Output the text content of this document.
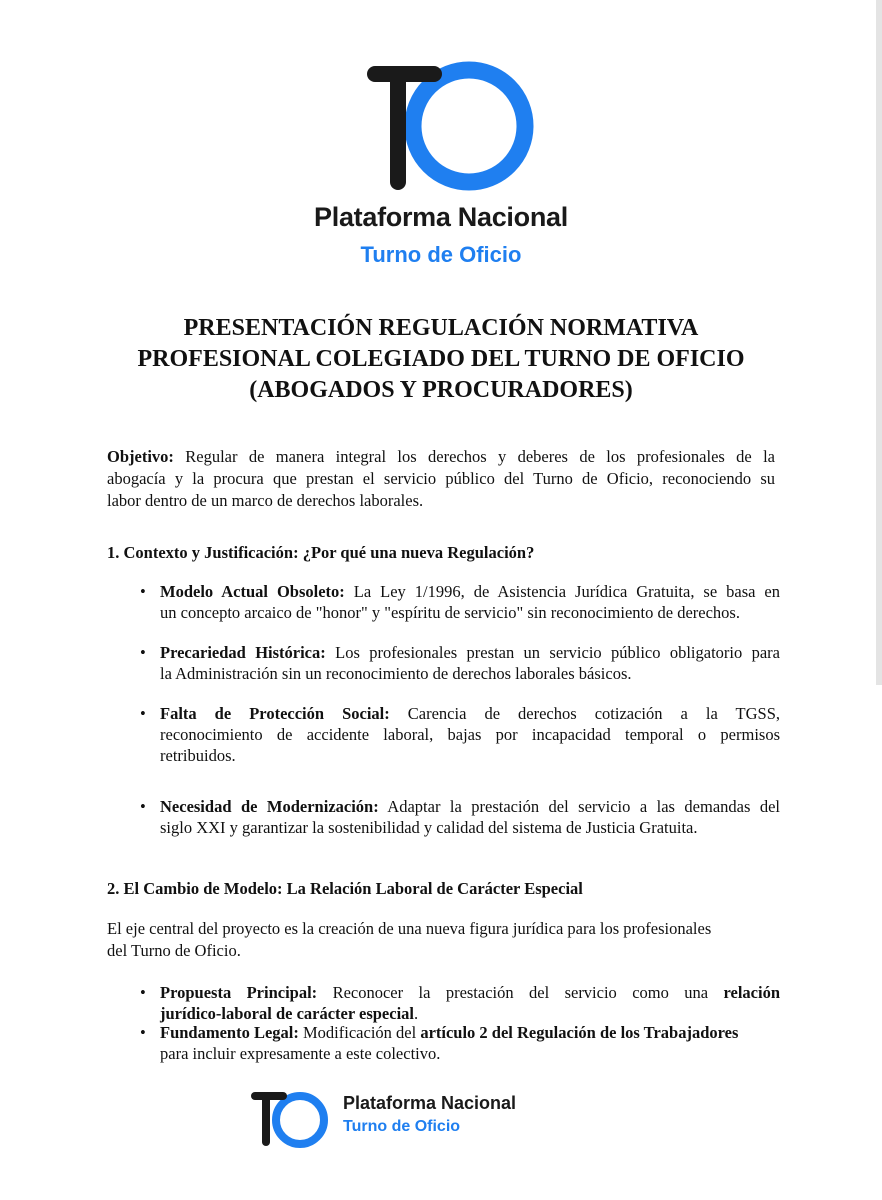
Plataforma Nacional
Turno de Oficio
PRESENTACIÓN REGULACIÓN NORMATIVA
PROFESIONAL COLEGIADO DEL TURNO DE OFICIO
(ABOGADOS Y PROCURADORES)
Objetivo: Regular de manera integral los derechos y deberes de los profesionales de la
abogacía y la procura que prestan el servicio público del Turno de Oficio, reconociendo su
labor dentro de un marco de derechos laborales.
1. Contexto y Justificación: ¿Por qué una nueva Regulación?
• Modelo Actual Obsoleto: La Ley 1/1996, de Asistencia Jurídica Gratuita, se basa en
un concepto arcaico de "honor" y "espíritu de servicio" sin reconocimiento de derechos.
• Precariedad Histórica: Los profesionales prestan un servicio público obligatorio para
la Administración sin un reconocimiento de derechos laborales básicos.
• Falta de Protección Social: Carencia de derechos cotización a la TGSS,
reconocimiento de accidente laboral, bajas por incapacidad temporal o permisos
retribuidos.
• Necesidad de Modernización: Adaptar la prestación del servicio a las demandas del
siglo XXI y garantizar la sostenibilidad y calidad del sistema de Justicia Gratuita.
2. El Cambio de Modelo: La Relación Laboral de Carácter Especial
El eje central del proyecto es la creación de una nueva figura jurídica para los profesionales
del Turno de Oficio.
• Propuesta Principal: Reconocer la prestación del servicio como una relación
jurídico-laboral de carácter especial.
• Fundamento Legal: Modificación del artículo 2 del Regulación de los Trabajadores
para incluir expresamente a este colectivo.
Plataforma Nacional
Turno de Oficio
